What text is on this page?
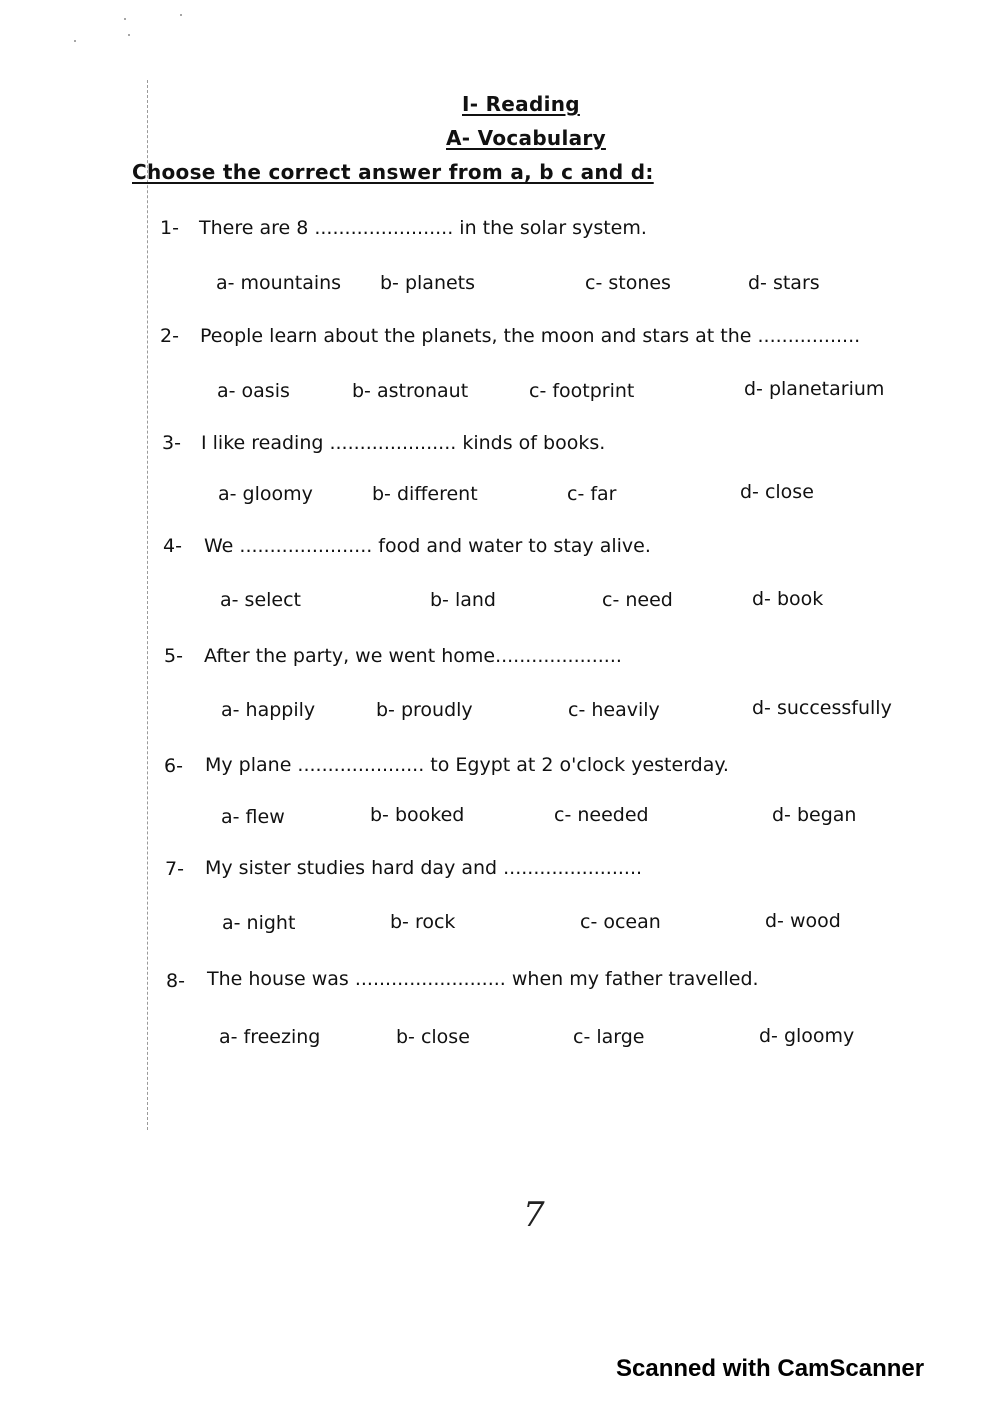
I- Reading
A- Vocabulary
Choose the correct answer from a, b c and d:
1- There are 8 ....................... in the solar system.
a- mountains b- planets	c- stones	d- stars
2- People learn about the planets, the moon and stars at the .................
a- oasis	b- astronaut	c- footprint	d- planetarium
3- I like reading ..................... kinds of books.
a- gloomy	b- different	c- far	d- close
4- We ...................... food and water to stay alive.
a- select	b- land	c- need	d- book
5- After the party, we went home.....................
a- happily	b- proudly	c- heavily	d- successfully
6- My plane ..................... to Egypt at 2 o'clock yesterday.
a- flew	b- booked	c- needed	d- began
7- My sister studies hard day and .......................
a- night	b- rock	c- ocean	d- wood
8- The house was ......................... when my father travelled.
a- freezing	b- close	c- large	d- gloomy
7
Scanned with CamScanner
